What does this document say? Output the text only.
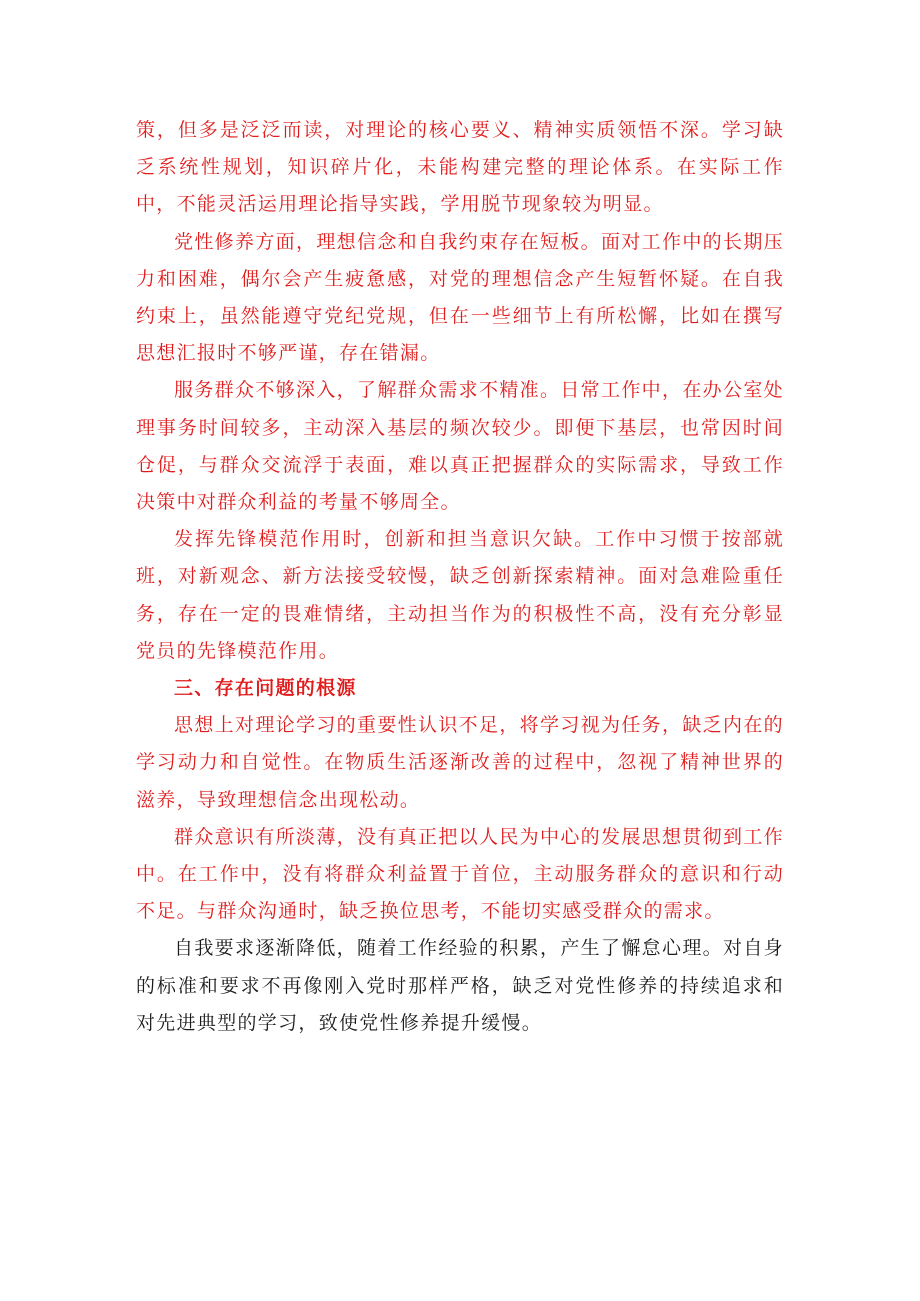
策，但多是泛泛而读，对理论的核心要义、精神实质领悟不深。学习缺乏系统性规划，知识碎片化，未能构建完整的理论体系。在实际工作中，不能灵活运用理论指导实践，学用脱节现象较为明显。

党性修养方面，理想信念和自我约束存在短板。面对工作中的长期压力和困难，偶尔会产生疲惫感，对党的理想信念产生短暂怀疑。在自我约束上，虽然能遵守党纪党规，但在一些细节上有所松懈，比如在撰写思想汇报时不够严谨，存在错漏。

服务群众不够深入，了解群众需求不精准。日常工作中，在办公室处理事务时间较多，主动深入基层的频次较少。即便下基层，也常因时间仓促，与群众交流浮于表面，难以真正把握群众的实际需求，导致工作决策中对群众利益的考量不够周全。

发挥先锋模范作用时，创新和担当意识欠缺。工作中习惯于按部就班，对新观念、新方法接受较慢，缺乏创新探索精神。面对急难险重任务，存在一定的畏难情绪，主动担当作为的积极性不高，没有充分彰显党员的先锋模范作用。

三、存在问题的根源

思想上对理论学习的重要性认识不足，将学习视为任务，缺乏内在的学习动力和自觉性。在物质生活逐渐改善的过程中，忽视了精神世界的滋养，导致理想信念出现松动。

群众意识有所淡薄，没有真正把以人民为中心的发展思想贯彻到工作中。在工作中，没有将群众利益置于首位，主动服务群众的意识和行动不足。与群众沟通时，缺乏换位思考，不能切实感受群众的需求。

自我要求逐渐降低，随着工作经验的积累，产生了懈怠心理。对自身的标准和要求不再像刚入党时那样严格，缺乏对党性修养的持续追求和对先进典型的学习，致使党性修养提升缓慢。
